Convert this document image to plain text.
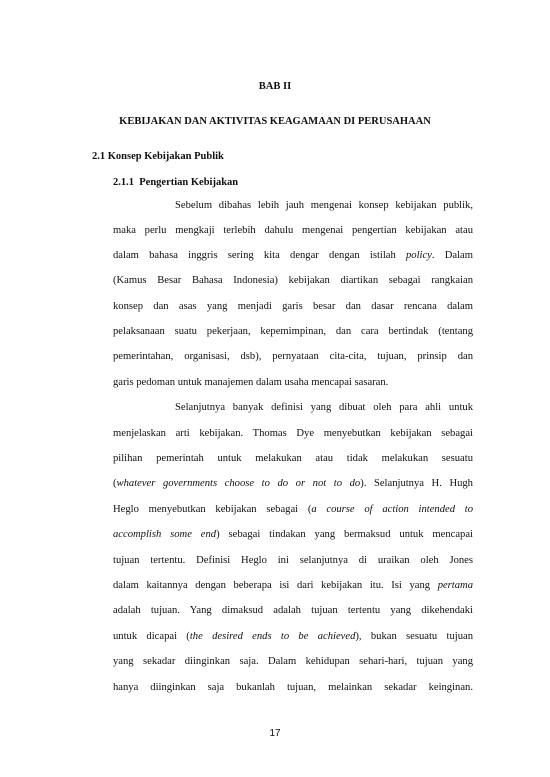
BAB II
KEBIJAKAN DAN AKTIVITAS KEAGAMAAN DI PERUSAHAAN
2.1 Konsep Kebijakan Publik
2.1.1 Pengertian Kebijakan
Sebelum dibahas lebih jauh mengenai konsep kebijakan publik,
maka perlu mengkaji terlebih dahulu mengenai pengertian kebijakan atau
dalam bahasa inggris sering kita dengar dengan istilah policy. Dalam
(Kamus Besar Bahasa Indonesia) kebijakan diartikan sebagai rangkaian
konsep dan asas yang menjadi garis besar dan dasar rencana dalam
pelaksanaan suatu pekerjaan, kepemimpinan, dan cara bertindak (tentang
pemerintahan, organisasi, dsb), pernyataan cita-cita, tujuan, prinsip dan
garis pedoman untuk manajemen dalam usaha mencapai sasaran.
Selanjutnya banyak definisi yang dibuat oleh para ahli untuk
menjelaskan arti kebijakan. Thomas Dye menyebutkan kebijakan sebagai
pilihan pemerintah untuk melakukan atau tidak melakukan sesuatu
(whatever governments choose to do or not to do). Selanjutnya H. Hugh
Heglo menyebutkan kebijakan sebagai (a course of action intended to
accomplish some end) sebagai tindakan yang bermaksud untuk mencapai
tujuan tertentu. Definisi Heglo ini selanjutnya di uraikan oleh Jones
dalam kaitannya dengan beberapa isi dari kebijakan itu. Isi yang pertama
adalah tujuan. Yang dimaksud adalah tujuan tertentu yang dikehendaki
untuk dicapai (the desired ends to be achieved), bukan sesuatu tujuan
yang sekadar diinginkan saja. Dalam kehidupan sehari-hari, tujuan yang
hanya diinginkan saja bukanlah tujuan, melainkan sekadar keinginan.
17
